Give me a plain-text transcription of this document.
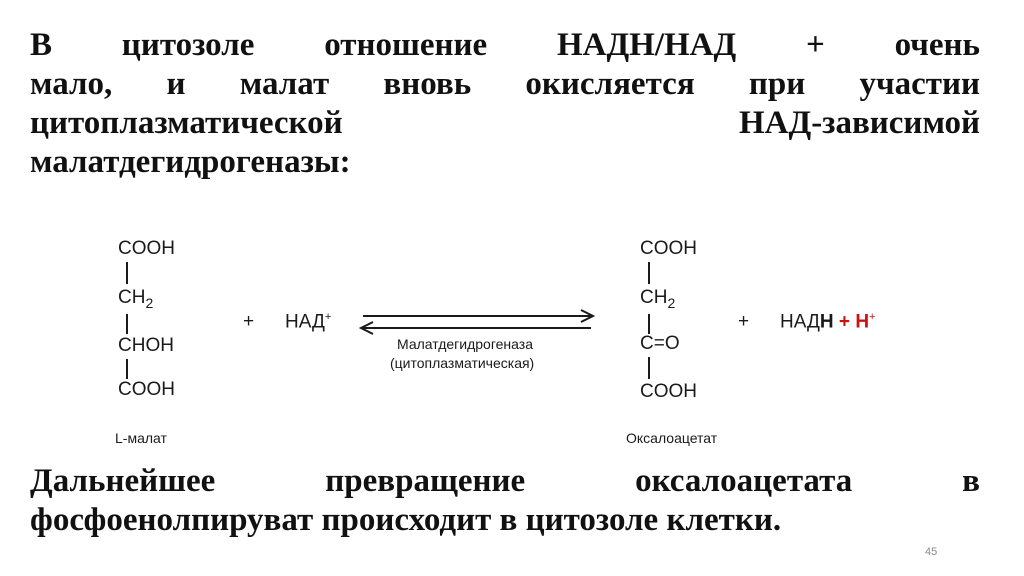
В цитозоле отношение НАДН/НАД + очень
мало, и малат вновь окисляется при участии
цитоплазматической НАД-зависимой
малатдегидрогеназы:
COOH
$CH_2$
CHOH
COOH
L-малат
+ НАД+
Малатдегидрогеназа
(цитоплазматическая)
COOH
$CH_2$
C=O
COOH
Оксалоацетат
+ НАДН + Н+
Дальнейшее превращение оксалоацетата в
фосфоенолпируват происходит в цитозоле клетки.
45
